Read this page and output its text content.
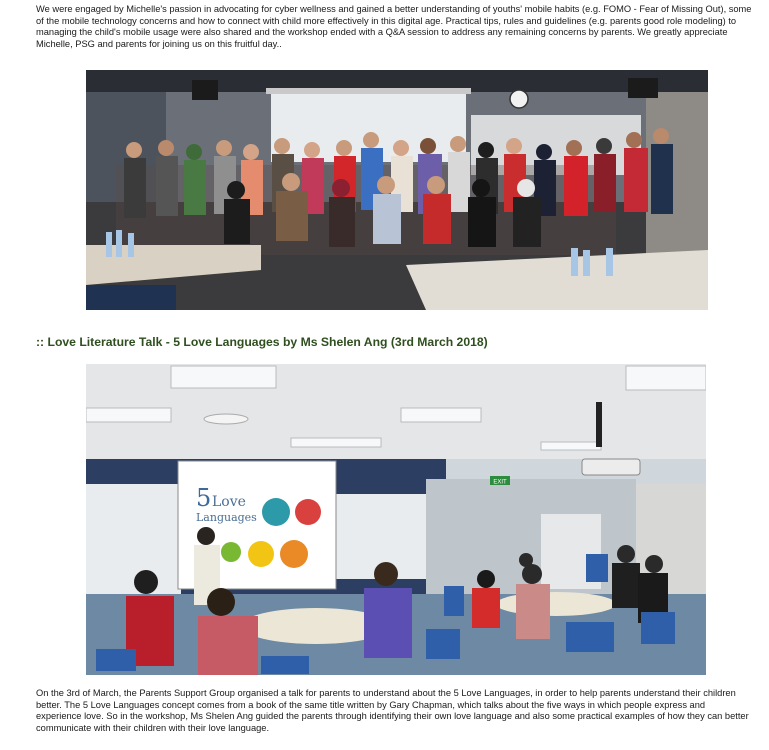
We were engaged by Michelle's passion in advocating for cyber wellness and gained a better understanding of youths' mobile habits (e.g. FOMO - Fear of Missing Out), some of the mobile technology concerns and how to connect with child more effectively in this digital age. Practical tips, rules and guidelines (e.g. parents good role modeling) to managing the child's mobile usage were also shared and the workshop ended with a Q&A session to address any remaining concerns by parents. We greatly appreciate Michelle, PSG and parents for joining us on this fruitful day..

:: Love Literature Talk - 5 Love Languages by Ms Shelen Ang (3rd March 2018)
EXIT
5 Love
Languages

On the 3rd of March, the Parents Support Group organised a talk for parents to understand about the 5 Love Languages, in order to help parents understand their children better. The 5 Love Languages concept comes from a book of the same title written by Gary Chapman, which talks about the five ways in which people express and experience love. So in the workshop, Ms Shelen Ang guided the parents through identifying their own love language and also some practical examples of how they can better communicate with their children with their love language.
